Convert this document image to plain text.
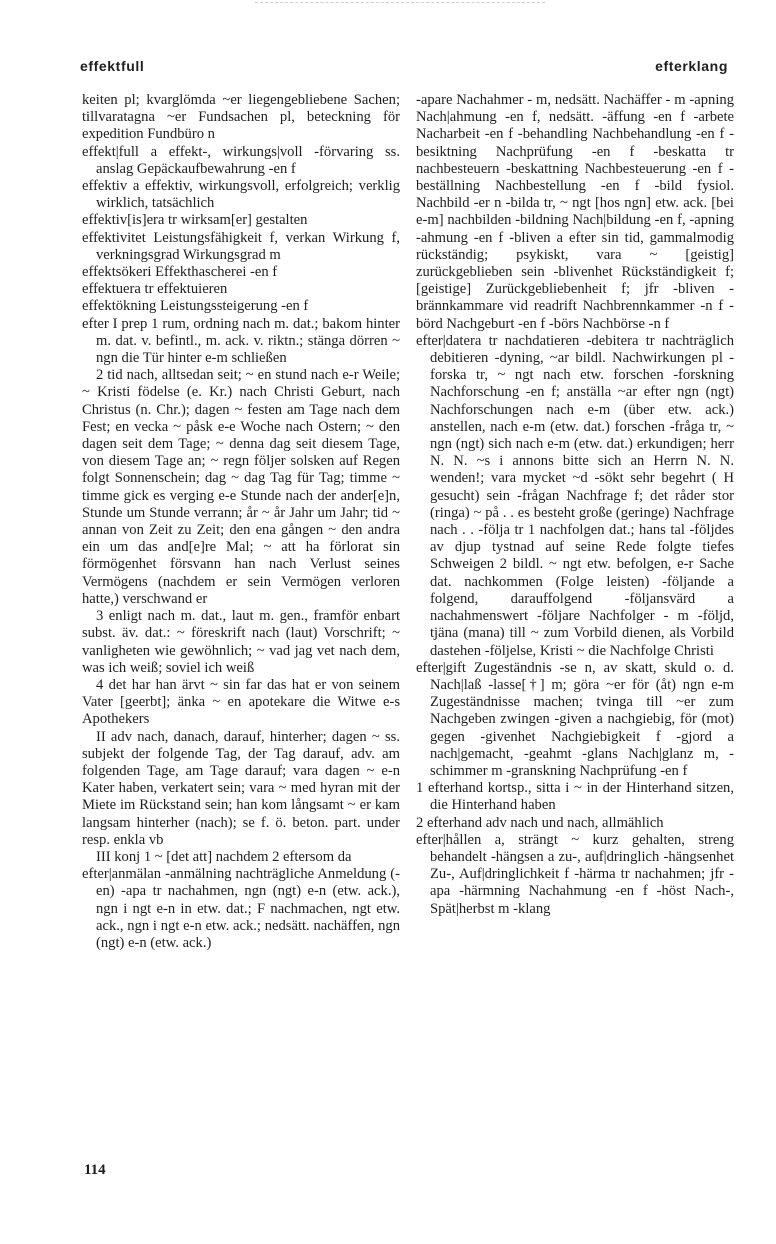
effektfull	efterklang

keiten pl; kvarglömda ~er liegengebliebene Sachen; tillvaratagna ~er Fundsachen pl, beteckning för expedition Fundbüro n

effekt|full a effekt-, wirkungs|voll -förvaring ss. anslag Gepäckaufbewahrung -en f

effektiv a effektiv, wirkungsvoll, erfolgreich; verklig wirklich, tatsächlich

effektiv[is]era tr wirksam[er] gestalten

effektivitet Leistungsfähigkeit f, verkan Wirkung f, verkningsgrad Wirkungsgrad m

effektsökeri Effekthascherei -en f

effektuera tr effektuieren

effektökning Leistungssteigerung -en f

efter I prep 1 rum, ordning nach m. dat.; bakom hinter m. dat. v. befintl., m. ack. v. riktn.; stänga dörren ~ ngn die Tür hinter e-m schließen

2 tid nach, alltsedan seit; ~ en stund nach e-r Weile; ~ Kristi födelse (e. Kr.) nach Christi Geburt, nach Christus (n. Chr.); dagen ~ festen am Tage nach dem Fest; en vecka ~ påsk e-e Woche nach Ostern; ~ den dagen seit dem Tage; ~ denna dag seit diesem Tage, von diesem Tage an; ~ regn följer solsken auf Regen folgt Sonnenschein; dag ~ dag Tag für Tag; timme ~ timme gick es verging e-e Stunde nach der ander[e]n, Stunde um Stunde verrann; år ~ år Jahr um Jahr; tid ~ annan von Zeit zu Zeit; den ena gången ~ den andra ein um das and[e]re Mal; ~ att ha förlorat sin förmögenhet försvann han nach Verlust seines Vermögens (nachdem er sein Vermögen verloren hatte,) verschwand er

3 enligt nach m. dat., laut m. gen., framför enbart subst. äv. dat.: ~ föreskrift nach (laut) Vorschrift; ~ vanligheten wie gewöhnlich; ~ vad jag vet nach dem, was ich weiß; soviel ich weiß

4 det har han ärvt ~ sin far das hat er von seinem Vater [geerbt]; änka ~ en apotekare die Witwe e-s Apothekers

II adv nach, danach, darauf, hinterher; dagen ~ ss. subjekt der folgende Tag, der Tag darauf, adv. am folgenden Tage, am Tage darauf; vara dagen ~ e-n Kater haben, verkatert sein; vara ~ med hyran mit der Miete im Rückstand sein; han kom långsamt ~ er kam langsam hinterher (nach); se f. ö. beton. part. under resp. enkla vb

III konj 1 ~ [det att] nachdem 2 eftersom da

efter|anmälan -anmälning nachträgliche Anmeldung (-en) -apa tr nachahmen, ngn (ngt) e-n (etw. ack.), ngn i ngt e-n in etw. dat.; F nachmachen, ngt etw. ack., ngn i ngt e-n etw. ack.; nedsätt. nachäffen, ngn (ngt) e-n (etw. ack.)

-apare Nachahmer - m, nedsätt. Nachäffer - m -apning Nach|ahmung -en f, nedsätt. -äffung -en f -arbete Nacharbeit -en f -behandling Nachbehandlung -en f -besiktning Nachprüfung -en f -beskatta tr nachbesteuern -beskattning Nachbesteuerung -en f -beställning Nachbestellung -en f -bild fysiol. Nachbild -er n -bilda tr, ~ ngt [hos ngn] etw. ack. [bei e-m] nachbilden -bildning Nach|bildung -en f, -apning -ahmung -en f -bliven a efter sin tid, gammalmodig rückständig; psykiskt, vara ~ [geistig] zurückgeblieben sein -blivenhet Rückständigkeit f; [geistige] Zurückgebliebenheit f; jfr -bliven -brännkammare vid readrift Nachbrennkammer -n f -börd Nachgeburt -en f -börs Nachbörse -n f

efter|datera tr nachdatieren -debitera tr nachträglich debitieren -dyning, ~ar bildl. Nachwirkungen pl -forska tr, ~ ngt nach etw. forschen -forskning Nachforschung -en f; anställa ~ar efter ngn (ngt) Nachforschungen nach e-m (über etw. ack.) anstellen, nach e-m (etw. dat.) forschen -fråga tr, ~ ngn (ngt) sich nach e-m (etw. dat.) erkundigen; herr N. N. ~s i annons bitte sich an Herrn N. N. wenden!; vara mycket ~d -sökt sehr begehrt ( H gesucht) sein -frågan Nachfrage f; det råder stor (ringa) ~ på . . es besteht große (geringe) Nachfrage nach . . -följa tr 1 nachfolgen dat.; hans tal -följdes av djup tystnad auf seine Rede folgte tiefes Schweigen 2 bildl. ~ ngt etw. befolgen, e-r Sache dat. nachkommen (Folge leisten) -följande a folgend, darauffolgend -följansvärd a nachahmenswert -följare Nachfolger - m -följd, tjäna (mana) till ~ zum Vorbild dienen, als Vorbild dastehen -följelse, Kristi ~ die Nachfolge Christi

efter|gift Zugeständnis -se n, av skatt, skuld o. d. Nach|laß -lasse[†] m; göra ~er för (åt) ngn e-m Zugeständnisse machen; tvinga till ~er zum Nachgeben zwingen -given a nachgiebig, för (mot) gegen -givenhet Nachgiebigkeit f -gjord a nach|gemacht, -geahmt -glans Nach|glanz m, -schimmer m -granskning Nachprüfung -en f

1 efterhand kortsp., sitta i ~ in der Hinterhand sitzen, die Hinterhand haben

2 efterhand adv nach und nach, allmählich

efter|hållen a, strängt ~ kurz gehalten, streng behandelt -hängsen a zu-, auf|dringlich -hängsenhet Zu-, Auf|dringlichkeit f -härma tr nachahmen; jfr -apa -härmning Nachahmung -en f -höst Nach-, Spät|herbst m -klang

114
